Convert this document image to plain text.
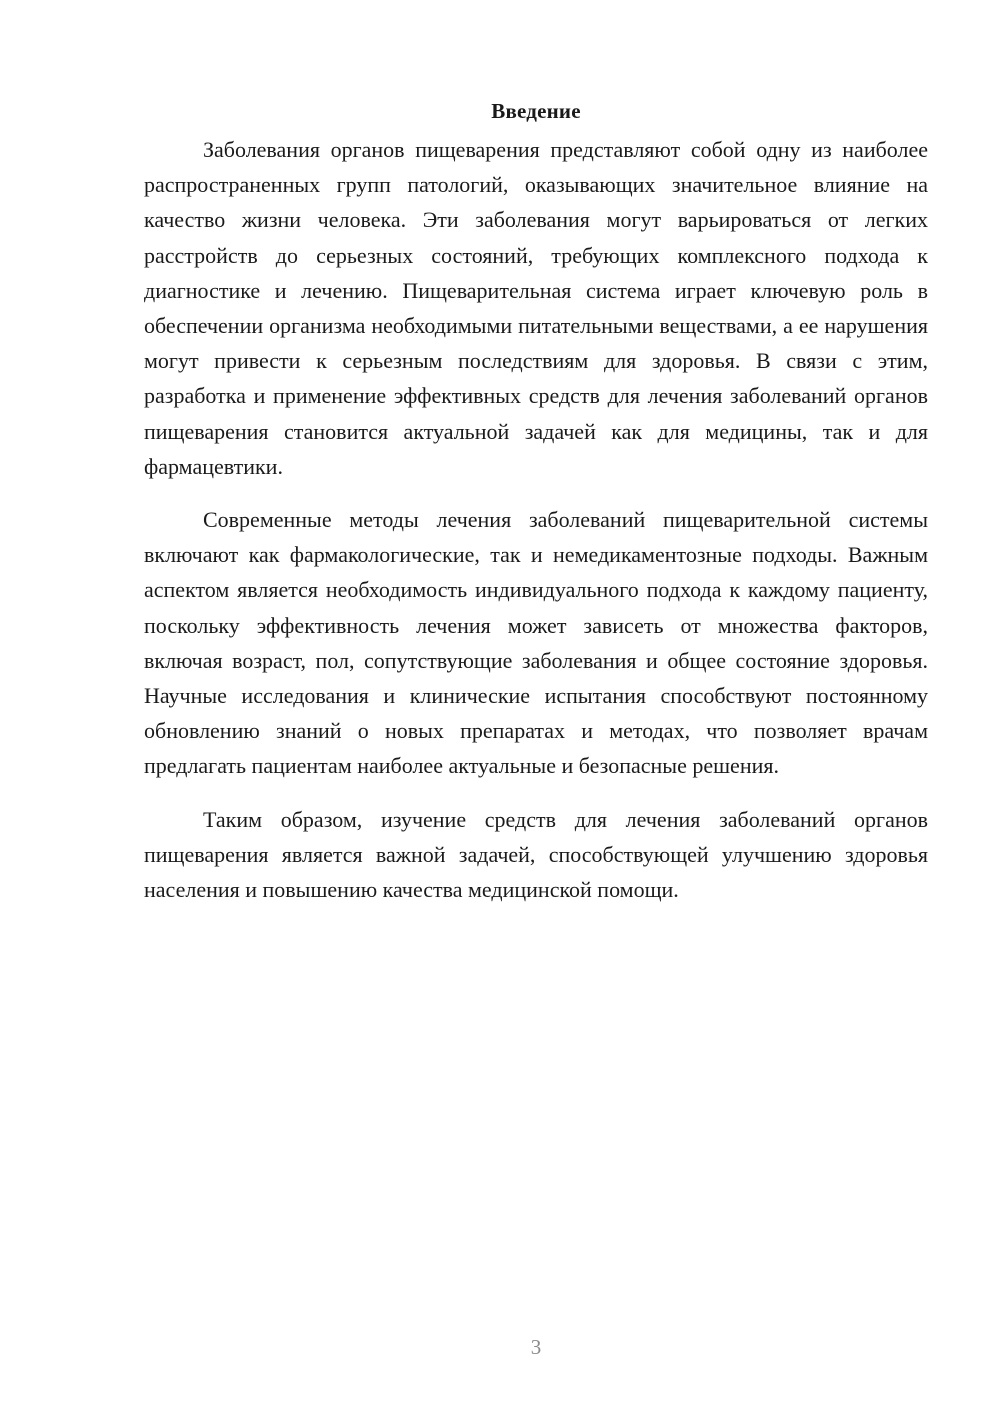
Введение

Заболевания органов пищеварения представляют собой одну из наиболее распространенных групп патологий, оказывающих значительное влияние на качество жизни человека. Эти заболевания могут варьироваться от легких расстройств до серьезных состояний, требующих комплексного подхода к диагностике и лечению. Пищеварительная система играет ключевую роль в обеспечении организма необходимыми питательными веществами, а ее нарушения могут привести к серьезным последствиям для здоровья. В связи с этим, разработка и применение эффективных средств для лечения заболеваний органов пищеварения становится актуальной задачей как для медицины, так и для фармацевтики.

Современные методы лечения заболеваний пищеварительной системы включают как фармакологические, так и немедикаментозные подходы. Важным аспектом является необходимость индивидуального подхода к каждому пациенту, поскольку эффективность лечения может зависеть от множества факторов, включая возраст, пол, сопутствующие заболевания и общее состояние здоровья. Научные исследования и клинические испытания способствуют постоянному обновлению знаний о новых препаратах и методах, что позволяет врачам предлагать пациентам наиболее актуальные и безопасные решения.

Таким образом, изучение средств для лечения заболеваний органов пищеварения является важной задачей, способствующей улучшению здоровья населения и повышению качества медицинской помощи.

3
